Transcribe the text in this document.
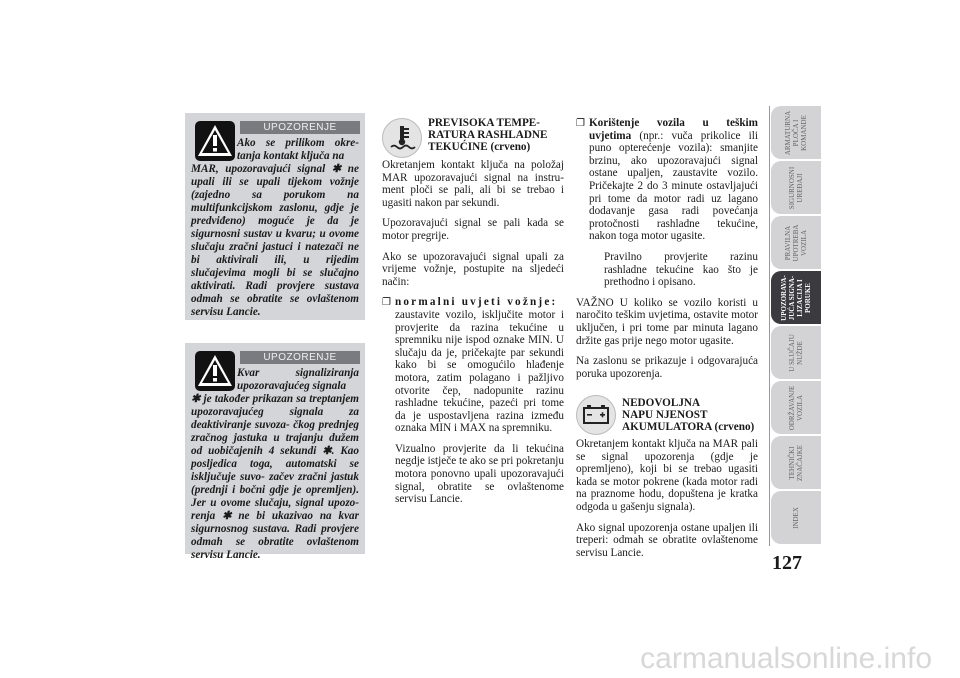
UPOZORENJE
Ako se prilikom okre- tanja kontakt ključa na
MAR, upozoravajući signal ✱ ne upali ili se upali tijekom vožnje (zajedno sa porukom na multifunkcijskom zaslonu, gdje je predviđeno) moguće je da je sigurnosni sustav u kvaru; u ovome slučaju zračni jastuci i natezači ne bi aktivirali ili, u rijedim slučajevima mogli bi se slučajno aktivirati. Radi provjere sustava odmah se obratite se ovlaštenom servisu Lancie.
UPOZORENJE
Kvar signaliziranja upozoravajućeg signala
✱ je također prikazan sa treptanjem upozoravajućeg signala za deaktiviranje suvoza- čkog prednjeg zračnog jastuka u trajanju dužem od uobičajenih 4 sekundi ✱. Kao posljedica toga, automatski se isključuje suvo- začev zračni jastuk (prednji i bočni gdje je opremljen). Jer u ovome slučaju, signal upozo- renja ✱ ne bi ukazivao na kvar sigurnosnog sustava. Radi provjere odmah se obratite ovlaštenom servisu Lancie.
PREVISOKA TEMPE-
RATURA RASHLADNE
TEKUĆINE (crveno)

Okretanjem kontakt ključa na položaj MAR upozoravajući signal na instru- ment ploči se pali, ali bi se trebao i ugasiti nakon par sekundi.

Upozoravajući signal se pali kada se motor pregrije.

Ako se upozoravajući signal upali za vrijeme vožnje, postupite na sljedeći način:

❐ normalni uvjeti vožnje:

zaustavite vozilo, isključite motor i provjerite da razina tekućine u spremniku nije ispod oznake MIN. U slučaju da je, pričekajte par sekundi kako bi se omogućilo hlađenje motora, zatim polagano i pažljivo otvorite čep, nadopunite razinu rashladne tekućine, pazeći pri tome da je uspostavljena razina između oznaka MIN i MAX na spremniku.

Vizualno provjerite da li tekućina negdje istječe te ako se pri pokretanju motora ponovno upali upozoravajući signal, obratite se ovlaštenome servisu Lancie.

❐ Korištenje vozila u teškim uvjetima (npr.: vuča prikolice ili puno opterećenje vozila): smanjite brzinu, ako upozoravajući signal ostane upaljen, zaustavite vozilo. Pričekajte 2 do 3 minute ostavljajući pri tome da motor radi uz lagano dodavanje gasa radi povećanja protočnosti rashladne tekućine, nakon toga motor ugasite.

Pravilno provjerite razinu rashladne tekućine kao što je prethodno i opisano.

VAŽNO U koliko se vozilo koristi u naročito teškim uvjetima, ostavite motor uključen, i pri tome par minuta lagano držite gas prije nego motor ugasite.

Na zaslonu se prikazuje i odgovarajuća poruka upozorenja.

NEDOVOLJNA
NAPU NJENOST
AKUMULATORA (crveno)

Okretanjem kontakt ključa na MAR pali se signal upozorenja (gdje je opremljeno), koji bi se trebao ugasiti kada se motor pokrene (kada motor radi na praznome hodu, dopuštena je kratka odgoda u gašenju signala).

Ako signal upozorenja ostane upaljen ili treperi: odmah se obratite ovlaštenome servisu Lancie.

ARMATURNA PLOČA I KOMANDE
SIGURNOSNI UREĐAJI
PRAVILNA UPOTREBA VOZILA
UPOZORAVA- JUĆA SIGNA- LIZACIJA I PORUKE
U SLUČAJU NUŽDE
ODRŽAVANJE VOZILA
TEHNIČKI ZNAČAJKE
INDEX
127
carmanualsonline.info
